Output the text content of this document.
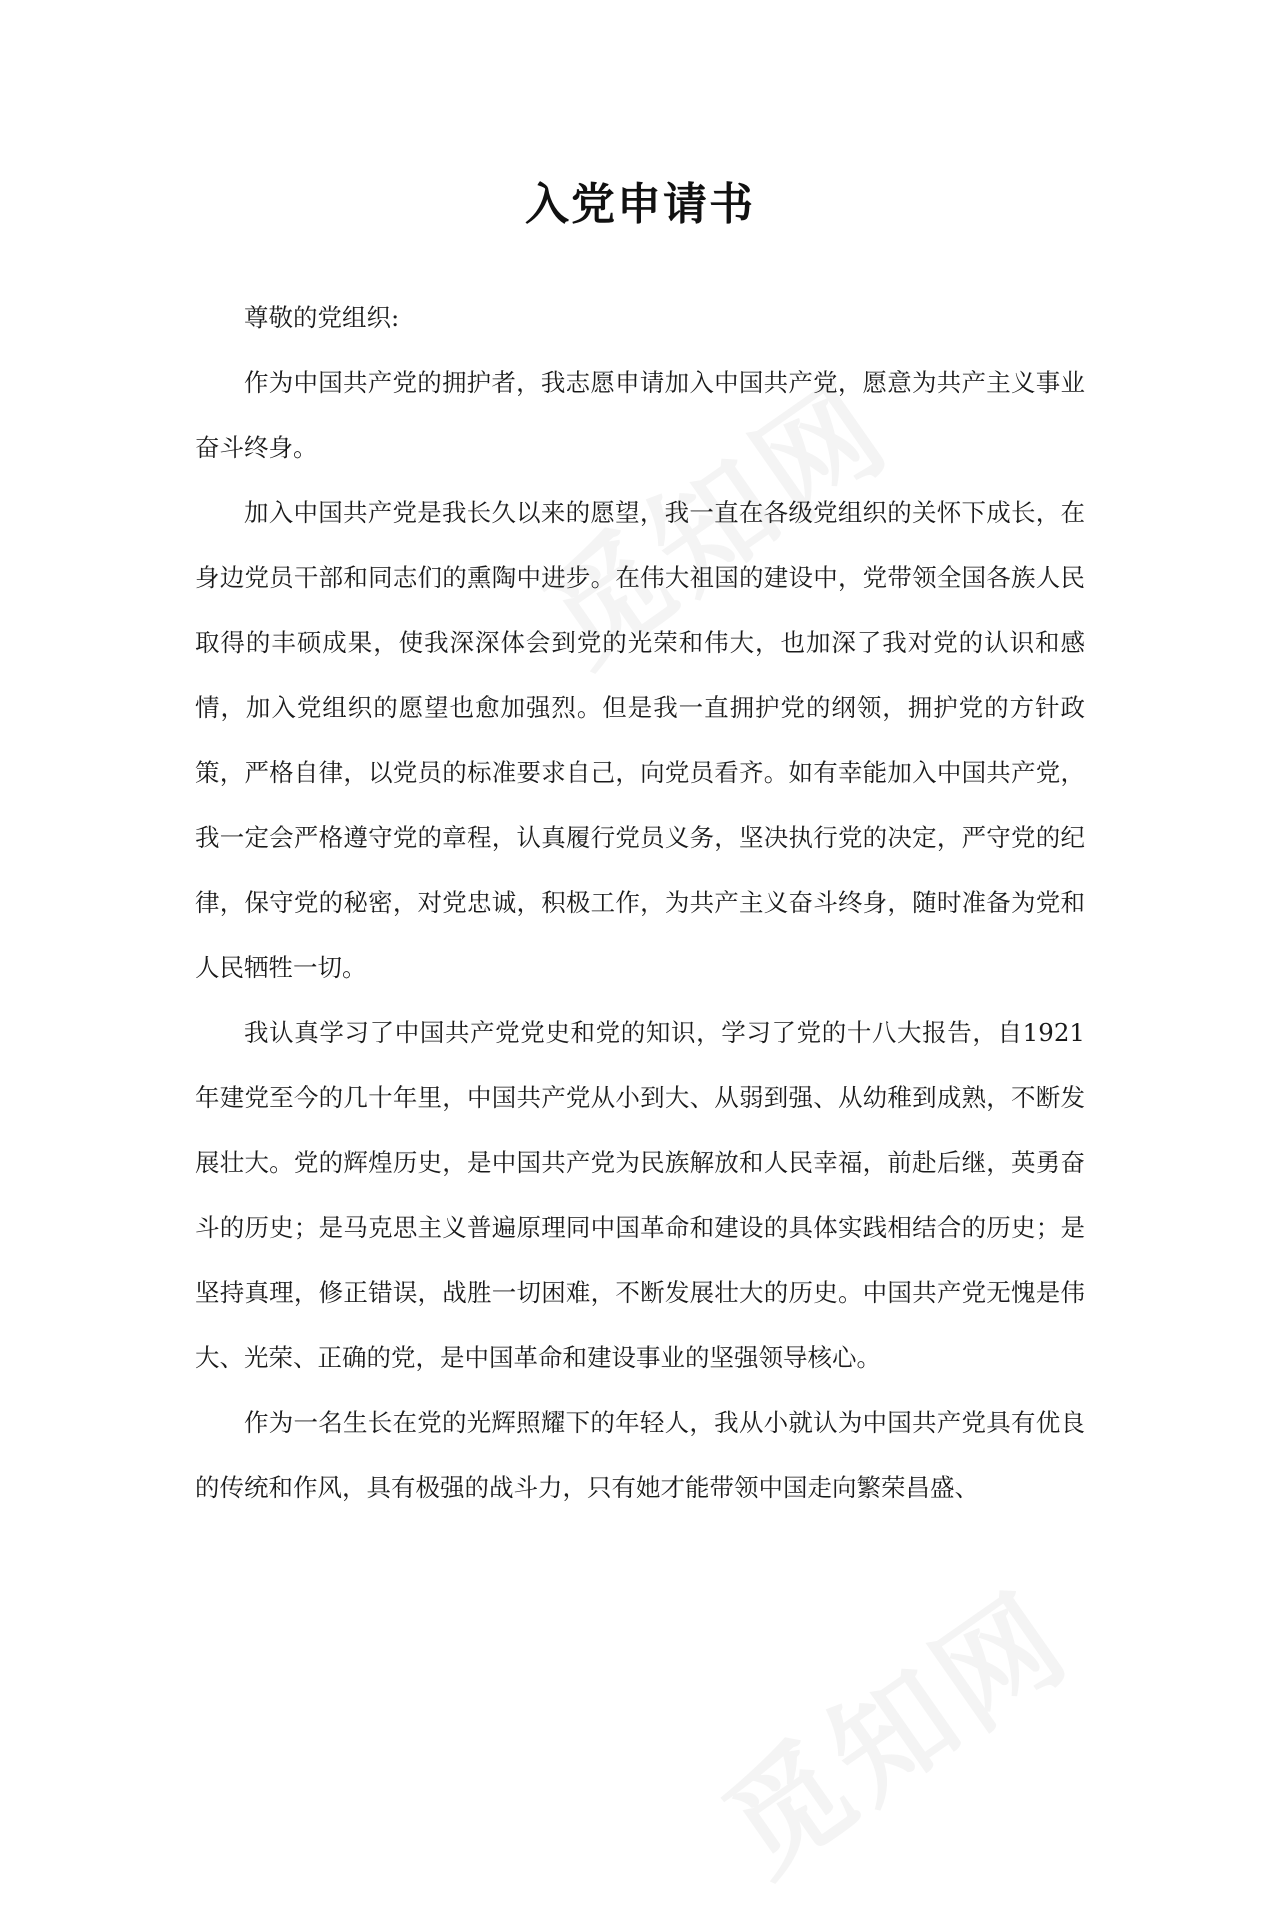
入党申请书

尊敬的党组织:

作为中国共产党的拥护者，我志愿申请加入中国共产党，愿意为共产主义事业奋斗终身。

加入中国共产党是我长久以来的愿望，我一直在各级党组织的关怀下成长，在身边党员干部和同志们的熏陶中进步。在伟大祖国的建设中，党带领全国各族人民取得的丰硕成果，使我深深体会到党的光荣和伟大，也加深了我对党的认识和感情，加入党组织的愿望也愈加强烈。但是我一直拥护党的纲领，拥护党的方针政策，严格自律，以党员的标准要求自己，向党员看齐。如有幸能加入中国共产党，我一定会严格遵守党的章程，认真履行党员义务，坚决执行党的决定，严守党的纪律，保守党的秘密，对党忠诚，积极工作，为共产主义奋斗终身，随时准备为党和人民牺牲一切。

我认真学习了中国共产党党史和党的知识，学习了党的十八大报告，自1921 年建党至今的几十年里，中国共产党从小到大、从弱到强、从幼稚到成熟，不断发展壮大。党的辉煌历史，是中国共产党为民族解放和人民幸福，前赴后继，英勇奋斗的历史；是马克思主义普遍原理同中国革命和建设的具体实践相结合的历史；是坚持真理，修正错误，战胜一切困难，不断发展壮大的历史。中国共产党无愧是伟大、光荣、正确的党，是中国革命和建设事业的坚强领导核心。

作为一名生长在党的光辉照耀下的年轻人，我从小就认为中国共产党具有优良的传统和作风，具有极强的战斗力，只有她才能带领中国走向繁荣昌盛、
